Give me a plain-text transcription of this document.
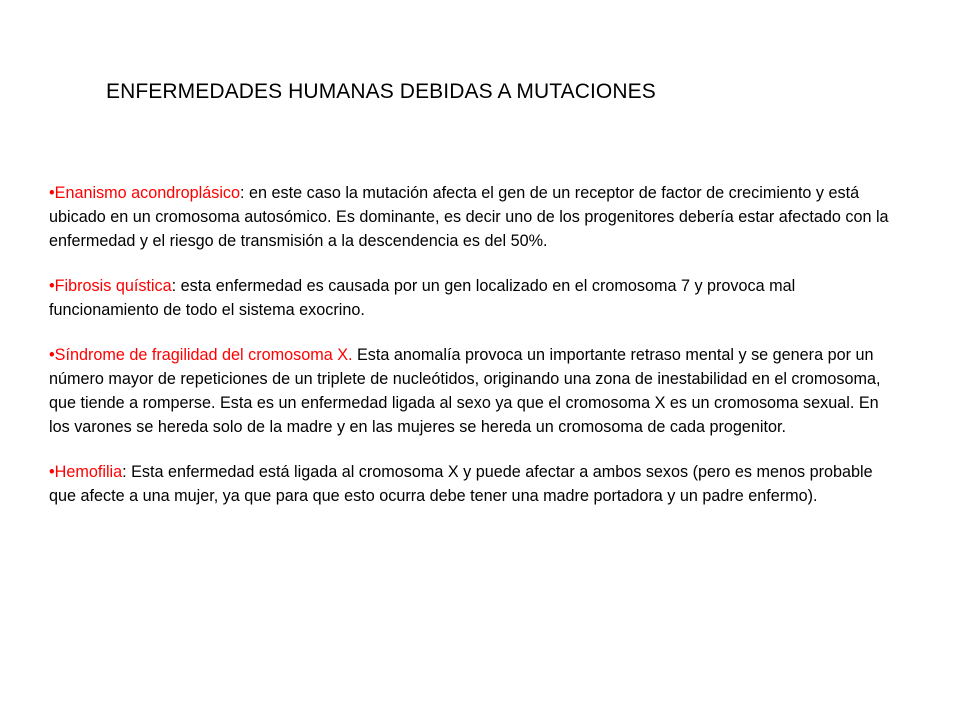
ENFERMEDADES HUMANAS DEBIDAS A MUTACIONES

•Enanismo acondroplásico: en este caso la mutación afecta el gen de un receptor de factor de crecimiento y está ubicado en un cromosoma autosómico. Es dominante, es decir uno de los progenitores debería estar afectado con la enfermedad y el riesgo de transmisión a la descendencia es del 50%.

•Fibrosis quística: esta enfermedad es causada por un gen localizado en el cromosoma 7 y provoca mal funcionamiento de todo el sistema exocrino.

•Síndrome de fragilidad del cromosoma X. Esta anomalía provoca un importante retraso mental y se genera por un número mayor de repeticiones de un triplete de nucleótidos, originando una zona de inestabilidad en el cromosoma, que tiende a romperse. Esta es un enfermedad ligada al sexo ya que el cromosoma X es un cromosoma sexual. En los varones se hereda solo de la madre y en las mujeres se hereda un cromosoma de cada progenitor.

•Hemofilia: Esta enfermedad está ligada al cromosoma X y puede afectar a ambos sexos (pero es menos probable que afecte a una mujer, ya que para que esto ocurra debe tener una madre portadora y un padre enfermo).
